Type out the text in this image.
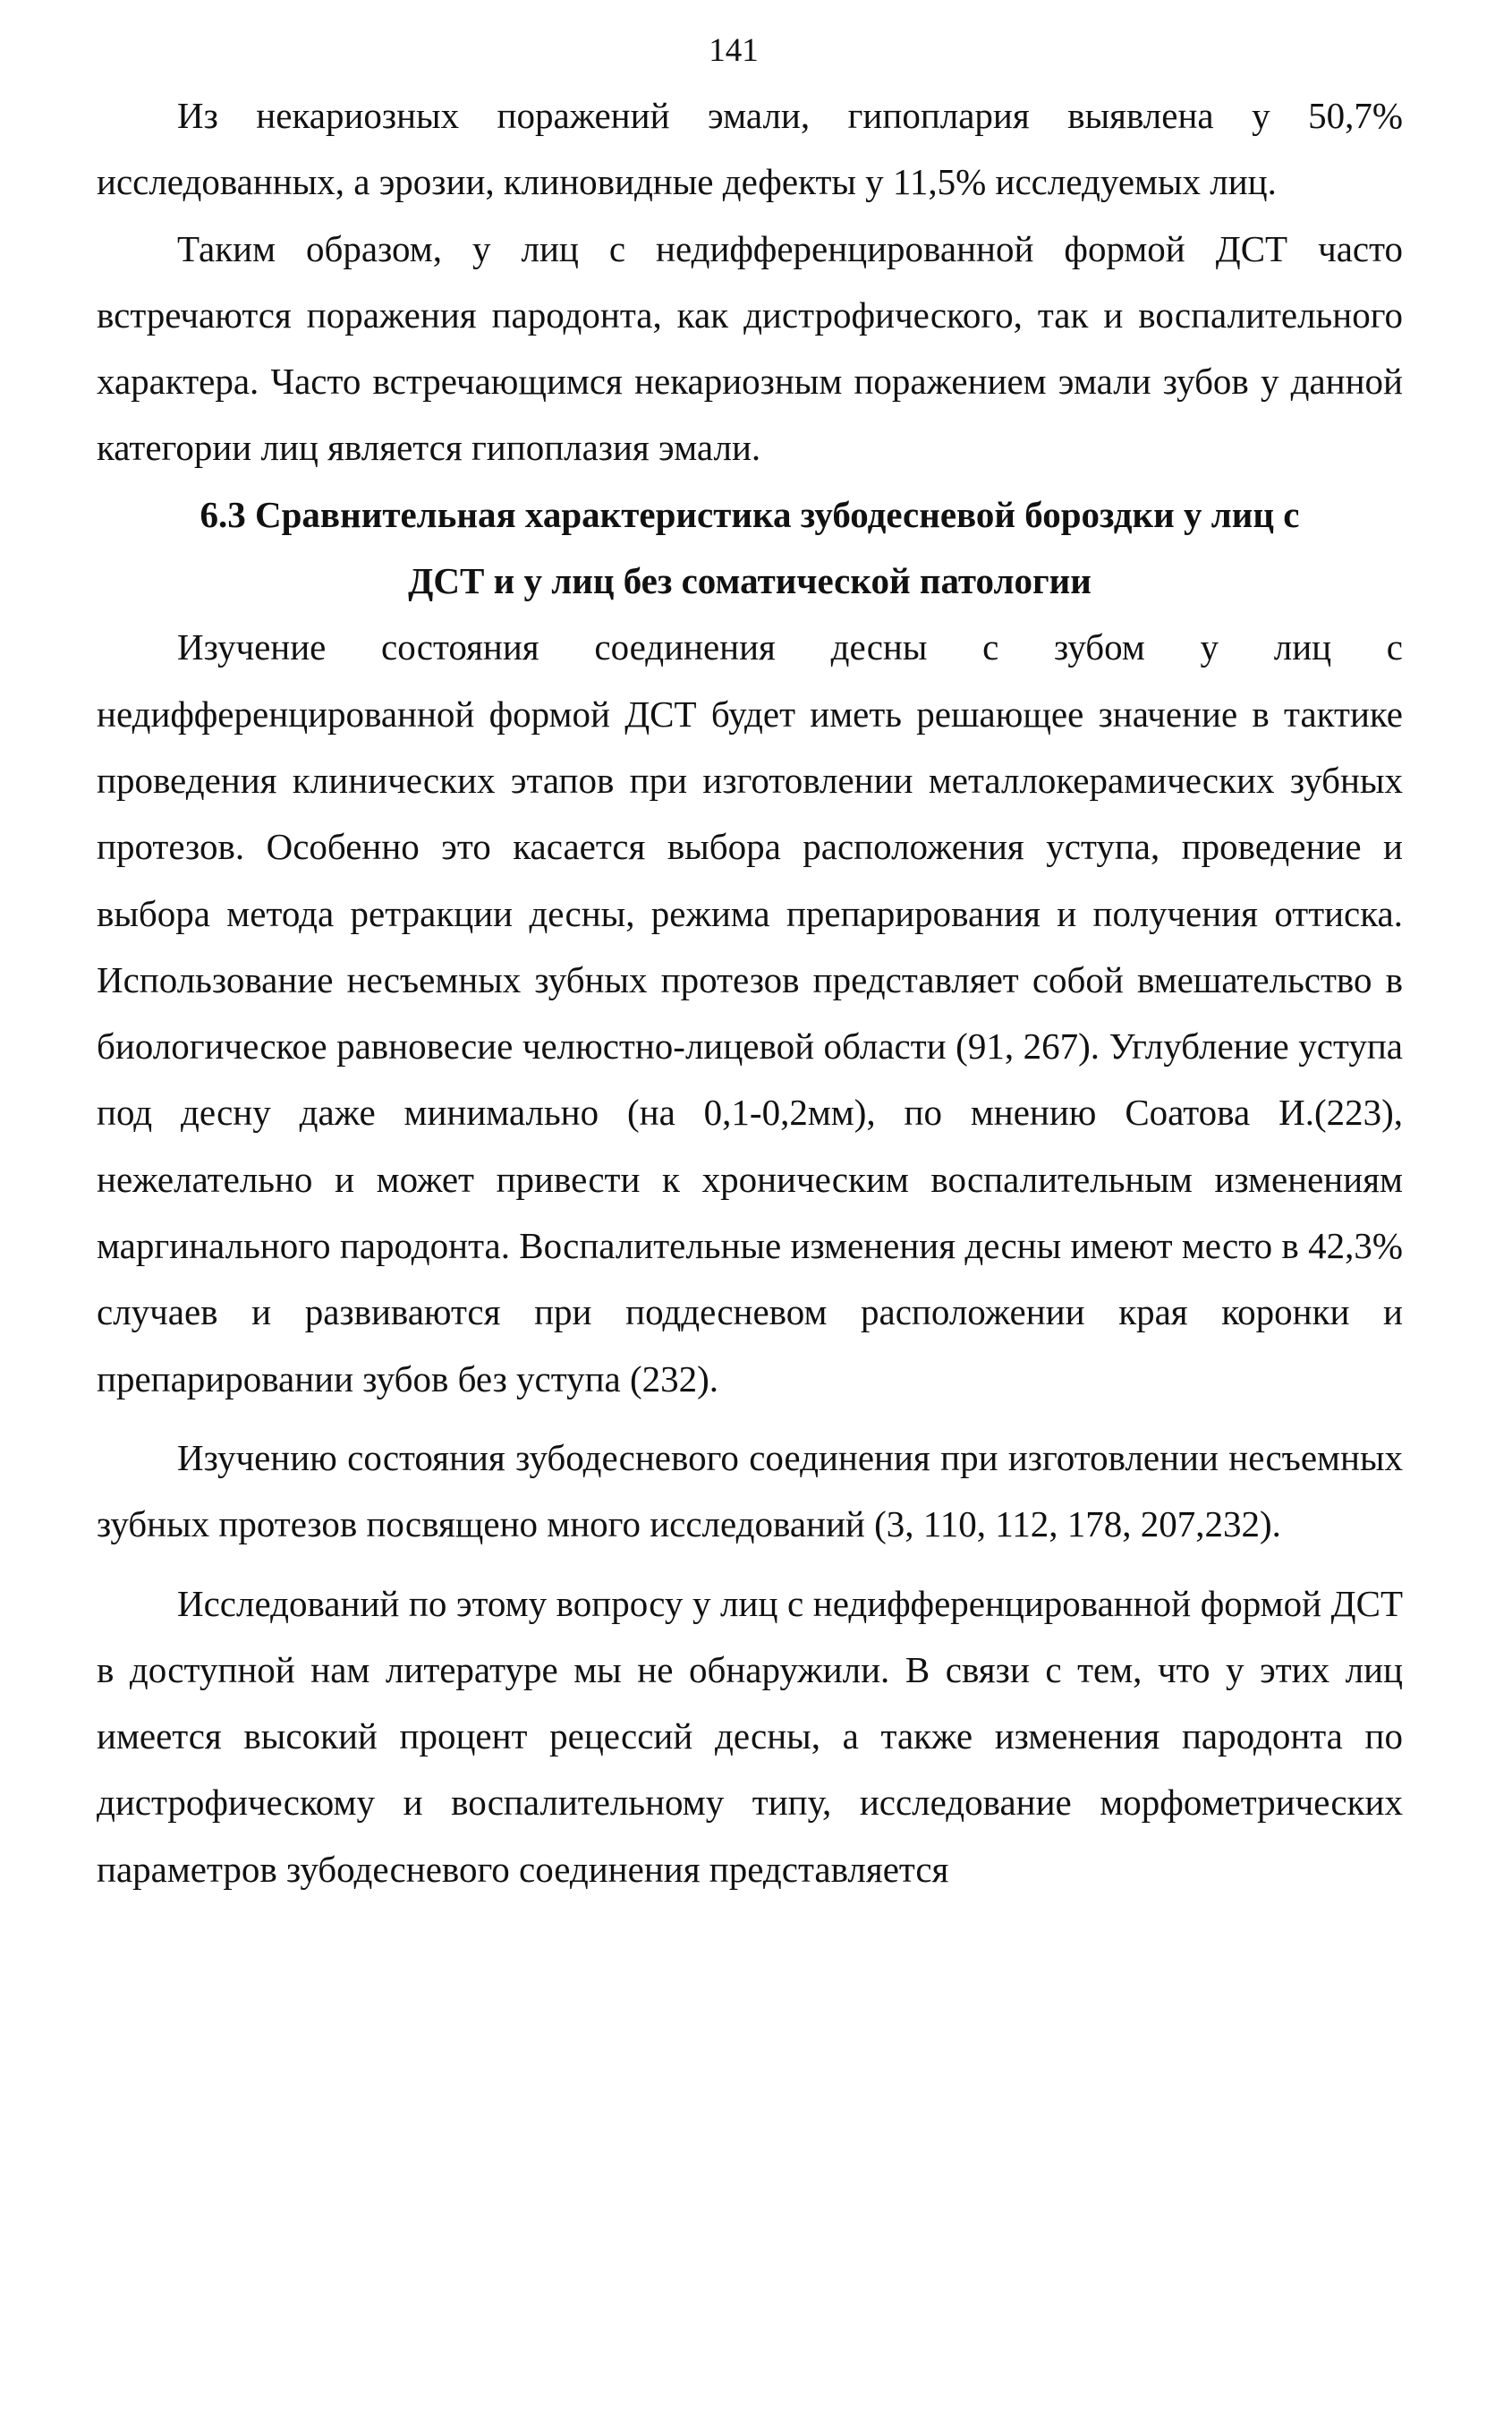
141

Из некариозных поражений эмали, гипоплария выявлена у 50,7% исследованных, а эрозии, клиновидные дефекты у 11,5% исследуемых лиц.

Таким образом, у лиц с недифференцированной формой ДСТ часто встречаются поражения пародонта, как дистрофического, так и воспалительного характера. Часто встречающимся некариозным поражением эмали зубов у данной категории лиц является гипоплазия эмали.

6.3 Сравнительная характеристика зубодесневой бороздки у лиц с

ДСТ и у лиц без соматической патологии

Изучение состояния соединения десны с зубом у лиц с недифференцированной формой ДСТ будет иметь решающее значение в тактике проведения клинических этапов при изготовлении металлокерамических зубных протезов. Особенно это касается выбора расположения уступа, проведение и выбора метода ретракции десны, режима препарирования и получения оттиска. Использование несъемных зубных протезов представляет собой вмешательство в биологическое равновесие челюстно-лицевой области (91, 267). Углубление уступа под десну даже минимально (на 0,1-0,2мм), по мнению Соатова И.(223), нежелательно и может привести к хроническим воспалительным изменениям маргинального пародонта. Воспалительные изменения десны имеют место в 42,3% случаев и развиваются при поддесневом расположении края коронки и препарировании зубов без уступа (232).

Изучению состояния зубодесневого соединения при изготовлении несъемных зубных протезов посвящено много исследований (3, 110, 112, 178, 207,232).

Исследований по этому вопросу у лиц с недифференцированной формой ДСТ в доступной нам литературе мы не обнаружили. В связи с тем, что у этих лиц имеется высокий процент рецессий десны, а также изменения пародонта по дистрофическому и воспалительному типу, исследование морфометрических параметров зубодесневого соединения представляется
